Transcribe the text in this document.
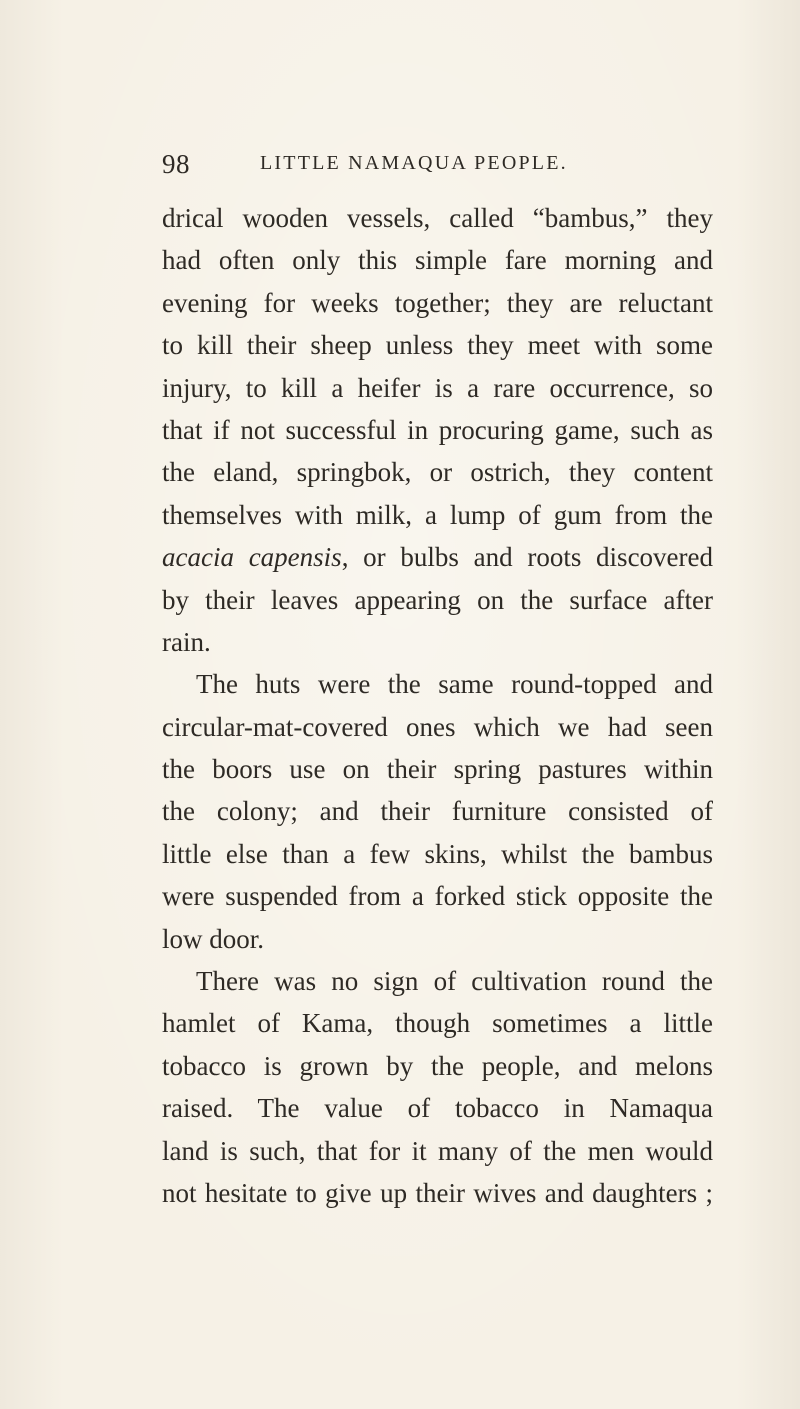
98	LITTLE NAMAQUA PEOPLE.
drical wooden vessels, called “bambus,” they
had often only this simple fare morning and
evening for weeks together; they are reluctant
to kill their sheep unless they meet with some
injury, to kill a heifer is a rare occurrence, so
that if not successful in procuring game, such as
the eland, springbok, or ostrich, they content
themselves with milk, a lump of gum from the
acacia capensis, or bulbs and roots discovered
by their leaves appearing on the surface after
rain.
The huts were the same round-topped and
circular-mat-covered ones which we had seen
the boors use on their spring pastures within
the colony; and their furniture consisted of
little else than a few skins, whilst the bambus
were suspended from a forked stick opposite the
low door.
There was no sign of cultivation round the
hamlet of Kama, though sometimes a little
tobacco is grown by the people, and melons
raised. The value of tobacco in Namaqua
land is such, that for it many of the men would
not hesitate to give up their wives and daughters ;
